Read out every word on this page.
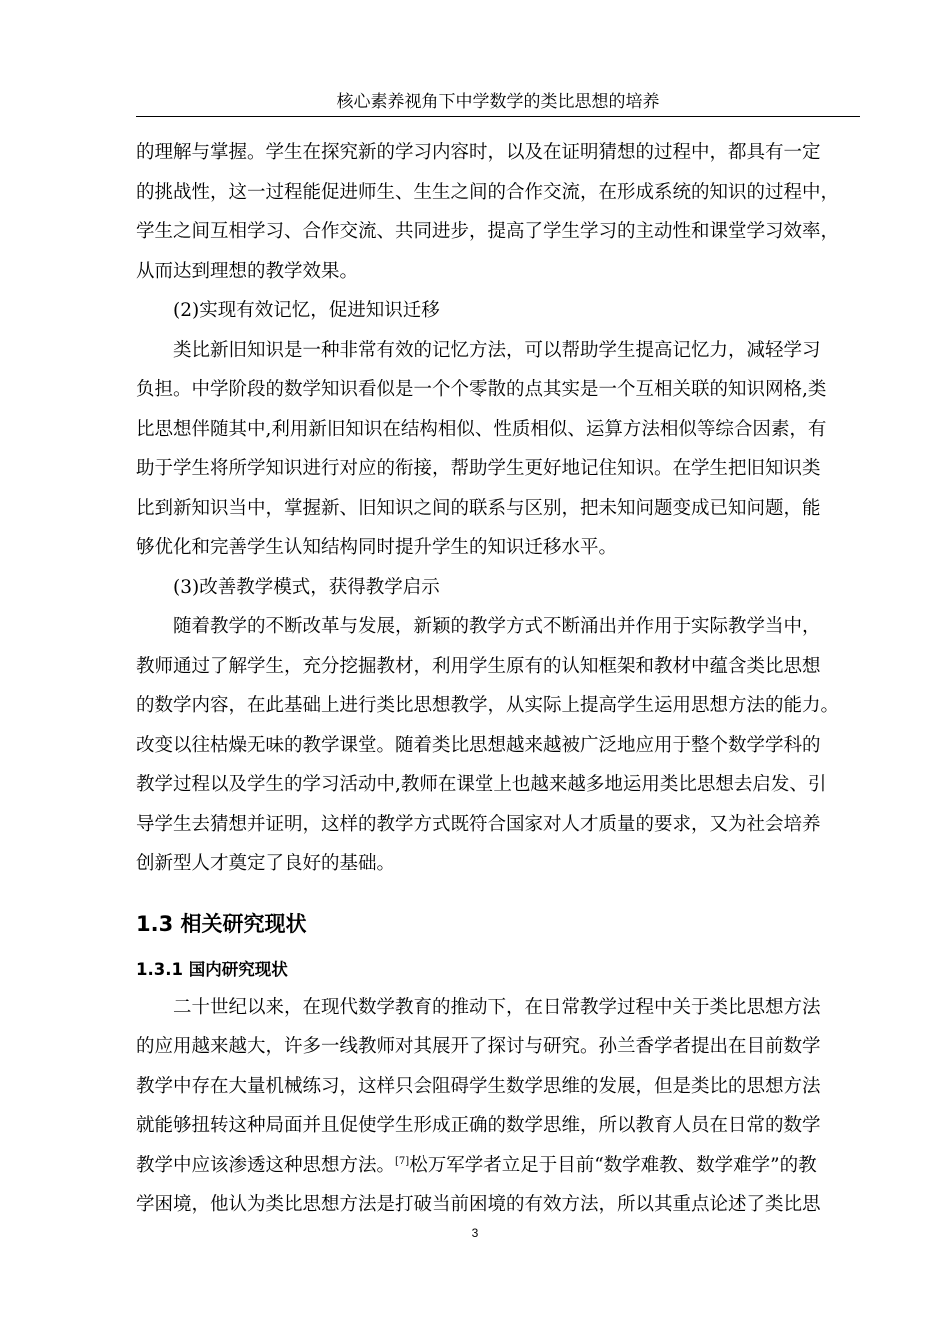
核心素养视角下中学数学的类比思想的培养

的理解与掌握。学生在探究新的学习内容时，以及在证明猜想的过程中，都具有一定
的挑战性，这一过程能促进师生、生生之间的合作交流，在形成系统的知识的过程中，
学生之间互相学习、合作交流、共同进步，提高了学生学习的主动性和课堂学习效率，
从而达到理想的教学效果。

(2)实现有效记忆，促进知识迁移

类比新旧知识是一种非常有效的记忆方法，可以帮助学生提高记忆力，减轻学习
负担。中学阶段的数学知识看似是一个个零散的点其实是一个互相关联的知识网格,类
比思想伴随其中,利用新旧知识在结构相似、性质相似、运算方法相似等综合因素，有
助于学生将所学知识进行对应的衔接，帮助学生更好地记住知识。在学生把旧知识类
比到新知识当中，掌握新、旧知识之间的联系与区别，把未知问题变成已知问题，能
够优化和完善学生认知结构同时提升学生的知识迁移水平。

(3)改善教学模式，获得教学启示

随着教学的不断改革与发展，新颖的教学方式不断涌出并作用于实际教学当中，
教师通过了解学生，充分挖掘教材，利用学生原有的认知框架和教材中蕴含类比思想
的数学内容，在此基础上进行类比思想教学，从实际上提高学生运用思想方法的能力。
改变以往枯燥无味的教学课堂。随着类比思想越来越被广泛地应用于整个数学学科的
教学过程以及学生的学习活动中,教师在课堂上也越来越多地运用类比思想去启发、引
导学生去猜想并证明，这样的教学方式既符合国家对人才质量的要求，又为社会培养
创新型人才奠定了良好的基础。

1.3 相关研究现状
1.3.1 国内研究现状

二十世纪以来，在现代数学教育的推动下，在日常教学过程中关于类比思想方法
的应用越来越大，许多一线教师对其展开了探讨与研究。孙兰香学者提出在目前数学
教学中存在大量机械练习，这样只会阻碍学生数学思维的发展，但是类比的思想方法
就能够扭转这种局面并且促使学生形成正确的数学思维，所以教育人员在日常的数学
教学中应该渗透这种思想方法。[7]松万军学者立足于目前“数学难教、数学难学”的教
学困境，他认为类比思想方法是打破当前困境的有效方法，所以其重点论述了类比思

3
